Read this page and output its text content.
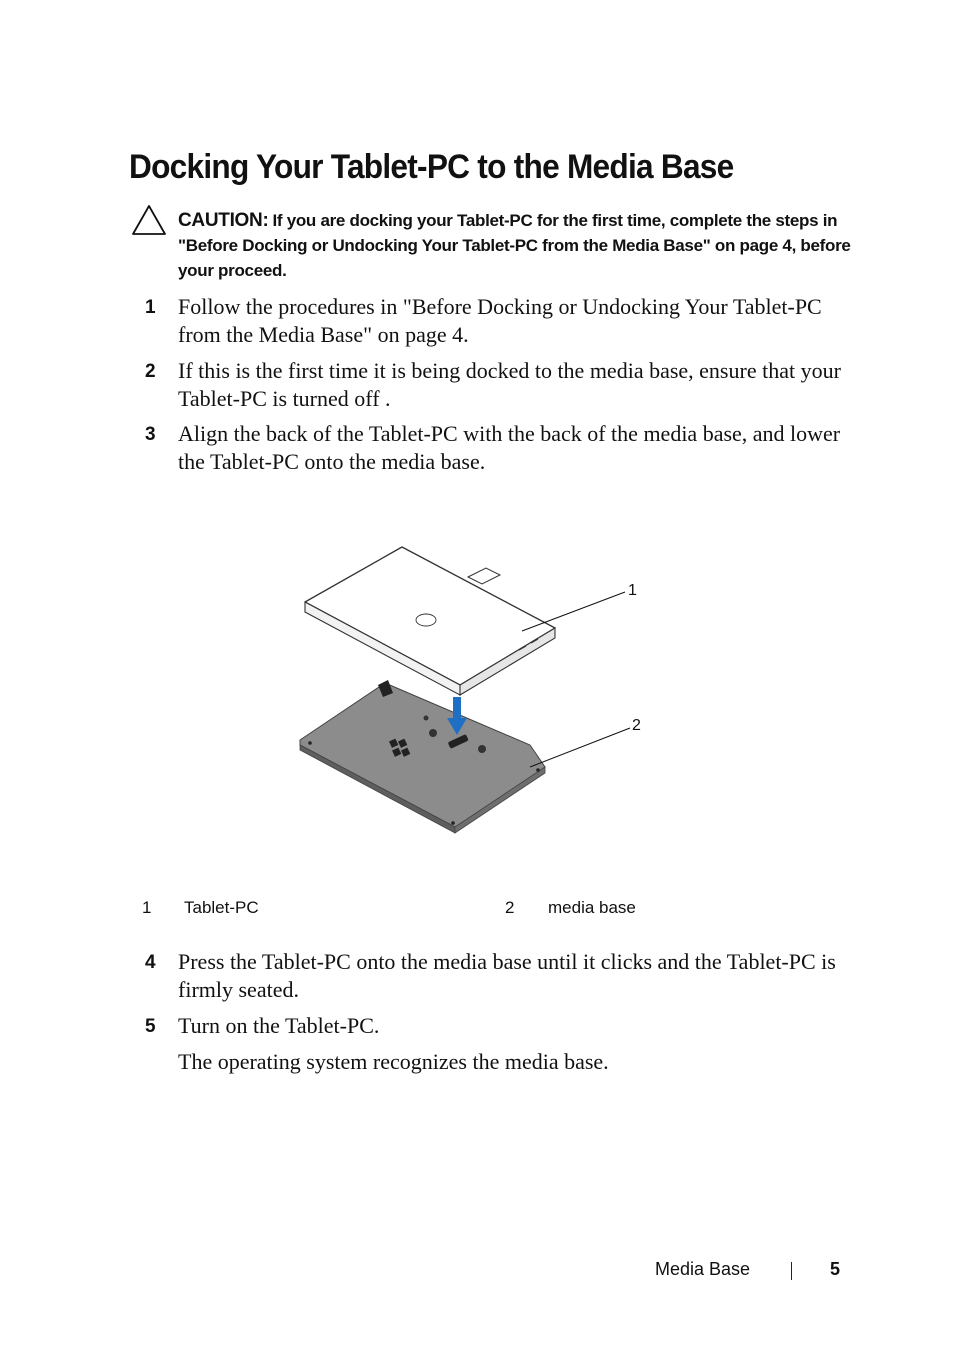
Docking Your Tablet-PC to the Media Base
CAUTION: If you are docking your Tablet-PC for the first time, complete the steps in "Before Docking or Undocking Your Tablet-PC from the Media Base" on page 4, before your proceed.
1 Follow the procedures in "Before Docking or Undocking Your Tablet-PC from the Media Base" on page 4.
2 If this is the first time it is being docked to the media base, ensure that your Tablet-PC is turned off .
3 Align the back of the Tablet-PC with the back of the media base, and lower the Tablet-PC onto the media base.
1
2
1 Tablet-PC	2 media base
4 Press the Tablet-PC onto the media base until it clicks and the Tablet-PC is firmly seated.
5 Turn on the Tablet-PC.
The operating system recognizes the media base.
Media Base	5
